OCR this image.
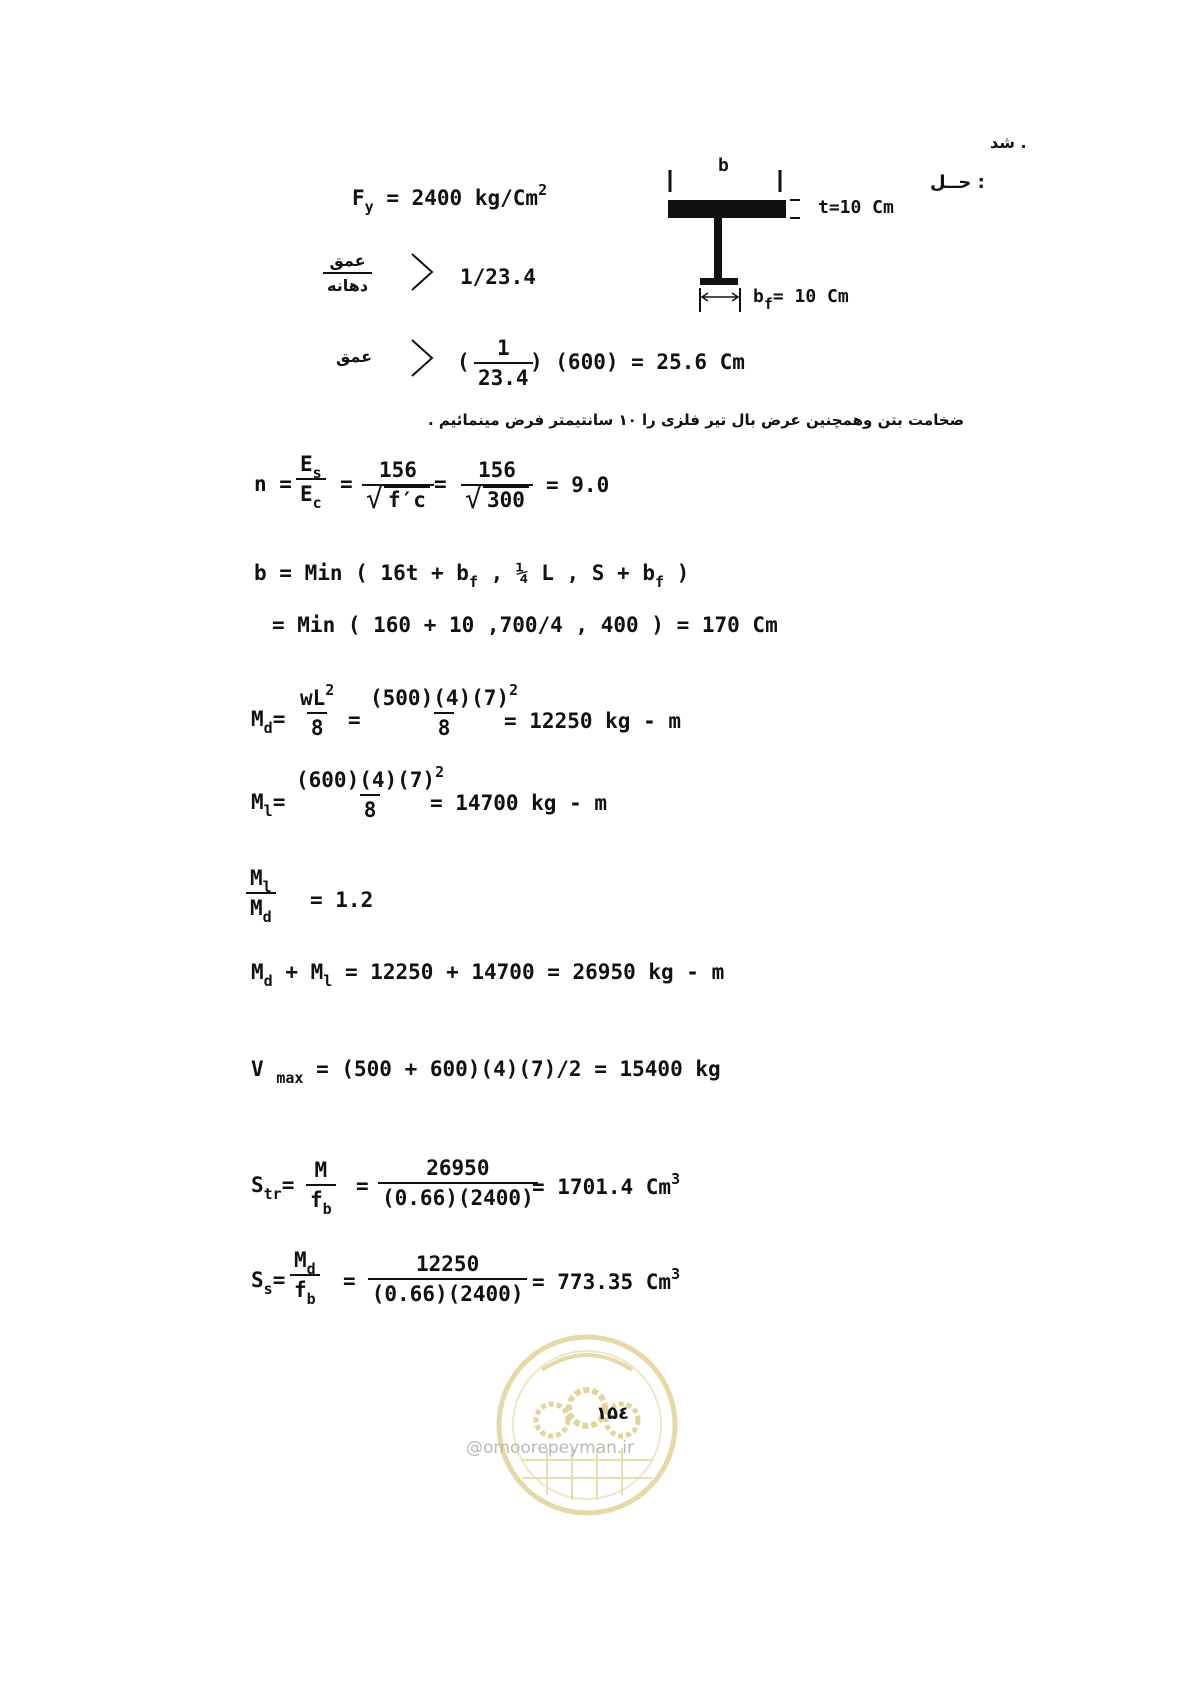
شد .
حــل :
$F_y = 2400$ kg/Cm$^2$
عمق
دهانه	1/23.4
عمق	( $\frac{1}{23.4}$
) (600) = 25.6 Cm
b
t=10 Cm
$b_f= 10$ Cm
ضخامت بتن وهمچنین عرض بال تیر فلزی را ۱۰ سانتیمتر فرض مینمائیم .
$n = \frac{E_s}{E_c} = 156$
√ f′c = 156
√ 300 = 9.0
b = Min ( $16t + b_f$ , ¼ L , $S + b_f$ )
= Min ( 160 + 10 ,700/4 , 400 ) = 170 Cm
$M_d= \frac{wL^2}{8} = \frac{(500)(4)(7)^2}{8}$
= 12250 kg - m
$M_l= \frac{(600)(4)(7)^2}{8}$
= 14700 kg - m
$\frac{M_l}{M_d} = 1.2$
$M_d + M_l = 12250 + 14700 = 26950$ kg - m
V $_{max}$ = (500 + 600)(4)(7)/2 = 15400 kg
$S_{tr}= \frac{M}{f_b} = \frac{26950}{(0.66)(2400)}$
= 1701.4 Cm$^3$
$S_s= \frac{M_d}{f_b} = \frac{12250}{(0.66)(2400)} = 773.35$ Cm$^3$
۱۵٤
@omoorepeyman.ir
